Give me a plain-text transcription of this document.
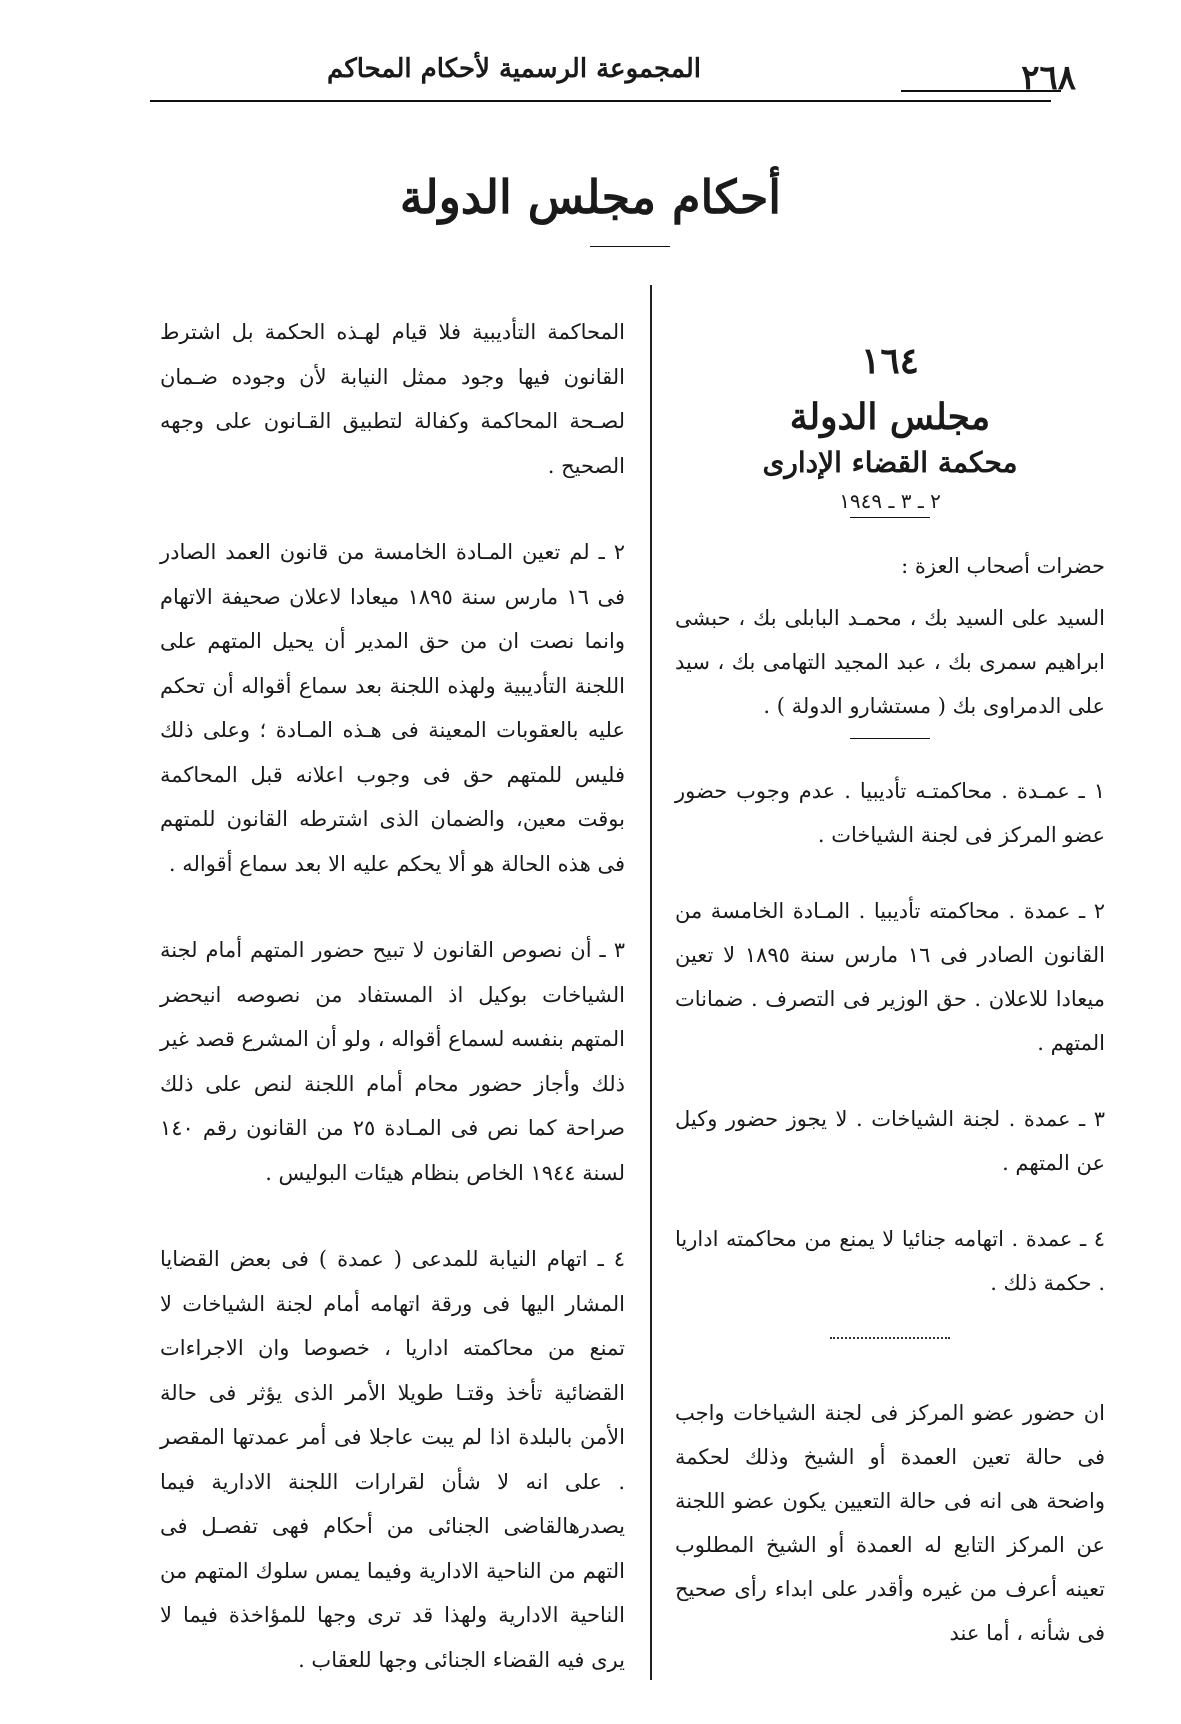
٢٦٨
المجموعة الرسمية لأحكام المحاكم
أحكام مجلس الدولة
١٦٤
مجلس الدولة
محكمة القضاء الإدارى
٢ ـ ٣ ـ ١٩٤٩
حضرات أصحاب العزة :
السيد على السيد بك ، محمـد البابلى بك ، حبشى ابراهيم سمرى بك ، عبد المجيد التهامى بك ، سيد على الدمراوى بك ( مستشارو الدولة ) .

١ ـ عمـدة . محاكمتـه تأديبيا . عدم وجوب حضور عضو المركز فى لجنة الشياخات .

٢ ـ عمدة . محاكمته تأديبيا . المـادة الخامسة من القانون الصادر فى ١٦ مارس سنة ١٨٩٥ لا تعين ميعادا للاعلان . حق الوزير فى التصرف . ضمانات المتهم .

٣ ـ عمدة . لجنة الشياخات . لا يجوز حضور وكيل عن المتهم .

٤ ـ عمدة . اتهامه جنائيا لا يمنع من محاكمته اداريا . حكمة ذلك .

ان حضور عضو المركز فى لجنة الشياخات واجب فى حالة تعين العمدة أو الشيخ وذلك لحكمة واضحة هى انه فى حالة التعيين يكون عضو اللجنة عن المركز التابع له العمدة أو الشيخ المطلوب تعينه أعرف من غيره وأقدر على ابداء رأى صحيح فى شأنه ، أما عند

المحاكمة التأديبية فلا قيام لهـذه الحكمة بل اشترط القانون فيها وجود ممثل النيابة لأن وجوده ضـمان لصـحة المحاكمة وكفالة لتطبيق القـانون على وجهه الصحيح .

٢ ـ لم تعين المـادة الخامسة من قانون العمد الصادر فى ١٦ مارس سنة ١٨٩٥ ميعادا لاعلان صحيفة الاتهام وانما نصت ان من حق المدير أن يحيل المتهم على اللجنة التأديبية ولهذه اللجنة بعد سماع أقواله أن تحكم عليه بالعقوبات المعينة فى هـذه المـادة ؛ وعلى ذلك فليس للمتهم حق فى وجوب اعلانه قبل المحاكمة بوقت معين، والضمان الذى اشترطه القانون للمتهم فى هذه الحالة هو ألا يحكم عليه الا بعد سماع أقواله .

٣ ـ أن نصوص القانون لا تبيح حضور المتهم أمام لجنة الشياخات بوكيل اذ المستفاد من نصوصه انيحضر المتهم بنفسه لسماع أقواله ، ولو أن المشرع قصد غير ذلك وأجاز حضور محام أمام اللجنة لنص على ذلك صراحة كما نص فى المـادة ٢٥ من القانون رقم ١٤٠ لسنة ١٩٤٤ الخاص بنظام هيئات البوليس .

٤ ـ اتهام النيابة للمدعى ( عمدة ) فى بعض القضايا المشار اليها فى ورقة اتهامه أمام لجنة الشياخات لا تمنع من محاكمته اداريا ، خصوصا وان الاجراءات القضائية تأخذ وقتـا طويلا الأمر الذى يؤثر فى حالة الأمن بالبلدة اذا لم يبت عاجلا فى أمر عمدتها المقصر . على انه لا شأن لقرارات اللجنة الادارية فيما يصدرهالقاضى الجنائى من أحكام فهى تفصـل فى التهم من الناحية الادارية وفيما يمس سلوك المتهم من الناحية الادارية ولهذا قد ترى وجها للمؤاخذة فيما لا يرى فيه القضاء الجنائى وجها للعقاب .
